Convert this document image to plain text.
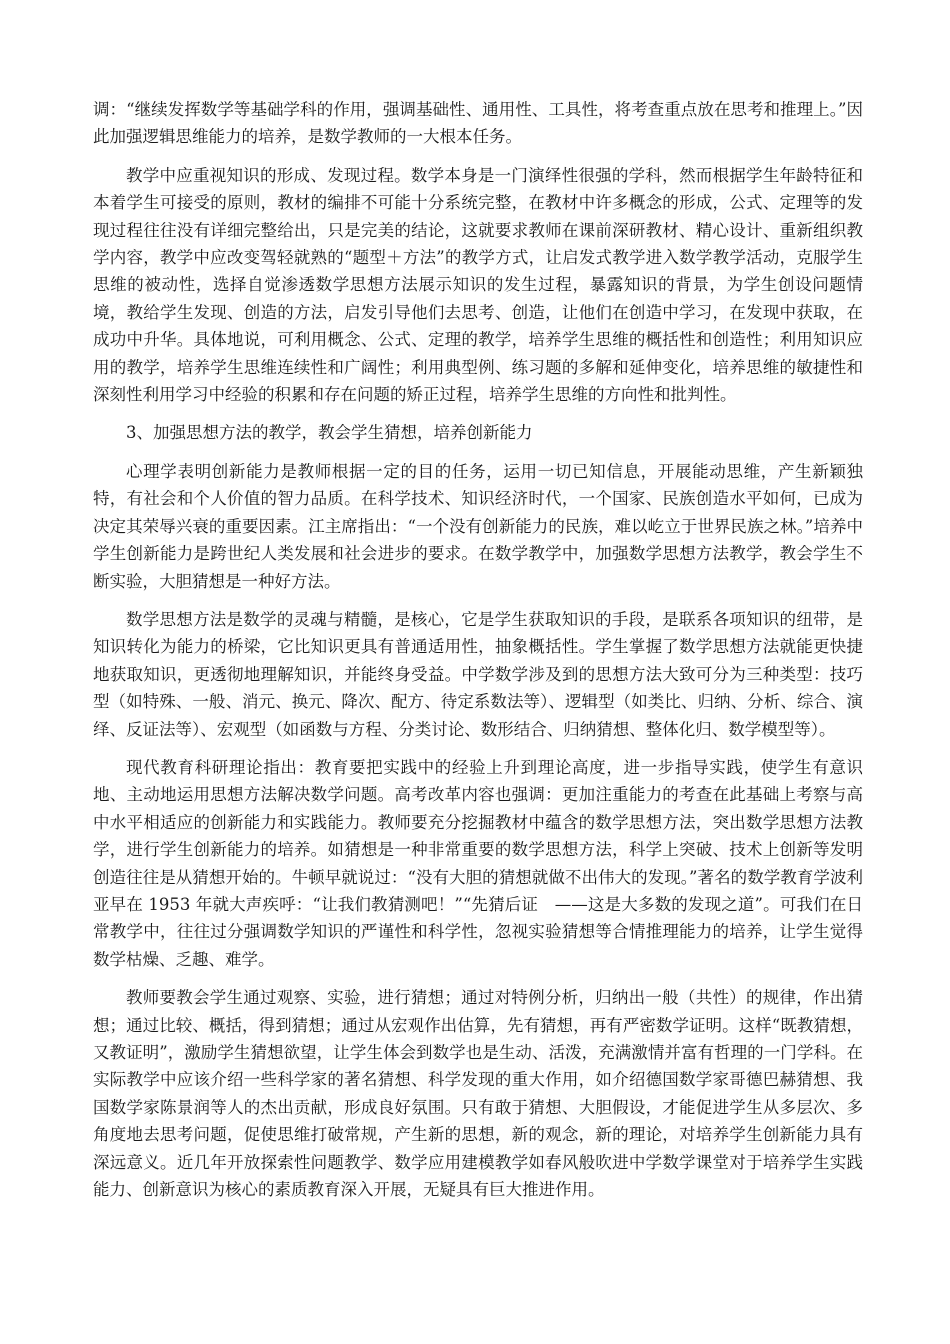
调：“继续发挥数学等基础学科的作用，强调基础性、通用性、工具性，将考查重点放在思考和推理上。”因此加强逻辑思维能力的培养，是数学教师的一大根本任务。

教学中应重视知识的形成、发现过程。数学本身是一门演绎性很强的学科，然而根据学生年龄特征和本着学生可接受的原则，教材的编排不可能十分系统完整，在教材中许多概念的形成，公式、定理等的发现过程往往没有详细完整给出，只是完美的结论，这就要求教师在课前深研教材、精心设计、重新组织教学内容，教学中应改变驾轻就熟的“题型＋方法”的教学方式，让启发式教学进入数学教学活动，克服学生思维的被动性，选择自觉渗透数学思想方法展示知识的发生过程，暴露知识的背景，为学生创设问题情境，教给学生发现、创造的方法，启发引导他们去思考、创造，让他们在创造中学习，在发现中获取，在成功中升华。具体地说，可利用概念、公式、定理的教学，培养学生思维的概括性和创造性；利用知识应用的教学，培养学生思维连续性和广阔性；利用典型例、练习题的多解和延伸变化，培养思维的敏捷性和深刻性利用学习中经验的积累和存在问题的矫正过程，培养学生思维的方向性和批判性。

3、加强思想方法的教学，教会学生猜想，培养创新能力

心理学表明创新能力是教师根据一定的目的任务，运用一切已知信息，开展能动思维，产生新颖独特，有社会和个人价值的智力品质。在科学技术、知识经济时代，一个国家、民族创造水平如何，已成为决定其荣辱兴衰的重要因素。江主席指出：“一个没有创新能力的民族，难以屹立于世界民族之林。”培养中学生创新能力是跨世纪人类发展和社会进步的要求。在数学教学中，加强数学思想方法教学，教会学生不断实验，大胆猜想是一种好方法。

数学思想方法是数学的灵魂与精髓，是核心，它是学生获取知识的手段，是联系各项知识的纽带，是知识转化为能力的桥梁，它比知识更具有普通适用性，抽象概括性。学生掌握了数学思想方法就能更快捷地获取知识，更透彻地理解知识，并能终身受益。中学数学涉及到的思想方法大致可分为三种类型：技巧型（如特殊、一般、消元、换元、降次、配方、待定系数法等）、逻辑型（如类比、归纳、分析、综合、演绎、反证法等）、宏观型（如函数与方程、分类讨论、数形结合、归纳猜想、整体化归、数学模型等）。

现代教育科研理论指出：教育要把实践中的经验上升到理论高度，进一步指导实践，使学生有意识地、主动地运用思想方法解决数学问题。高考改革内容也强调：更加注重能力的考查在此基础上考察与高中水平相适应的创新能力和实践能力。教师要充分挖掘教材中蕴含的数学思想方法，突出数学思想方法教学，进行学生创新能力的培养。如猜想是一种非常重要的数学思想方法，科学上突破、技术上创新等发明创造往往是从猜想开始的。牛顿早就说过：“没有大胆的猜想就做不出伟大的发现。”著名的数学教育学波利亚早在 1953 年就大声疾呼：“让我们教猜测吧！”“先猜后证　——这是大多数的发现之道”。可我们在日常教学中，往往过分强调数学知识的严谨性和科学性，忽视实验猜想等合情推理能力的培养，让学生觉得数学枯燥、乏趣、难学。

教师要教会学生通过观察、实验，进行猜想；通过对特例分析，归纳出一般（共性）的规律，作出猜想；通过比较、概括，得到猜想；通过从宏观作出估算，先有猜想，再有严密数学证明。这样“既教猜想，又教证明”，激励学生猜想欲望，让学生体会到数学也是生动、活泼，充满激情并富有哲理的一门学科。在实际教学中应该介绍一些科学家的著名猜想、科学发现的重大作用，如介绍德国数学家哥德巴赫猜想、我国数学家陈景润等人的杰出贡献，形成良好氛围。只有敢于猜想、大胆假设，才能促进学生从多层次、多角度地去思考问题，促使思维打破常规，产生新的思想，新的观念，新的理论，对培养学生创新能力具有深远意义。近几年开放探索性问题教学、数学应用建模教学如春风般吹进中学数学课堂对于培养学生实践能力、创新意识为核心的素质教育深入开展，无疑具有巨大推进作用。
